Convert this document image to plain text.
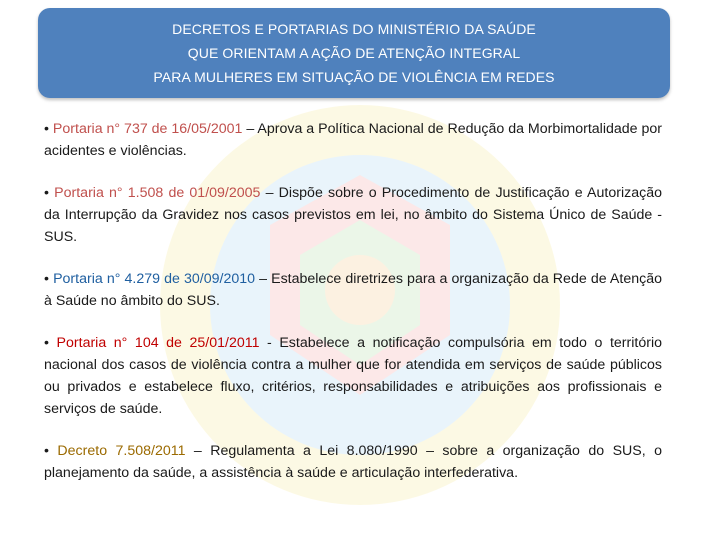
DECRETOS E PORTARIAS DO MINISTÉRIO DA SAÚDE
QUE ORIENTAM A AÇÃO DE ATENÇÃO INTEGRAL
PARA MULHERES EM SITUAÇÃO DE VIOLÊNCIA EM REDES
• Portaria n° 737 de 16/05/2001 – Aprova a Política Nacional de Redução da Morbimortalidade por acidentes e violências.
• Portaria n° 1.508 de 01/09/2005 – Dispõe sobre o Procedimento de Justificação e Autorização da Interrupção da Gravidez nos casos previstos em lei, no âmbito do Sistema Único de Saúde - SUS.
• Portaria n° 4.279 de 30/09/2010 – Estabelece diretrizes para a organização da Rede de Atenção à Saúde no âmbito do SUS.
• Portaria n° 104 de 25/01/2011 - Estabelece a notificação compulsória em todo o território nacional dos casos de violência contra a mulher que for atendida em serviços de saúde públicos ou privados e estabelece fluxo, critérios, responsabilidades e atribuições aos profissionais e serviços de saúde.
• Decreto 7.508/2011 – Regulamenta a Lei 8.080/1990 – sobre a organização do SUS, o planejamento da saúde, a assistência à saúde e articulação interfederativa.
